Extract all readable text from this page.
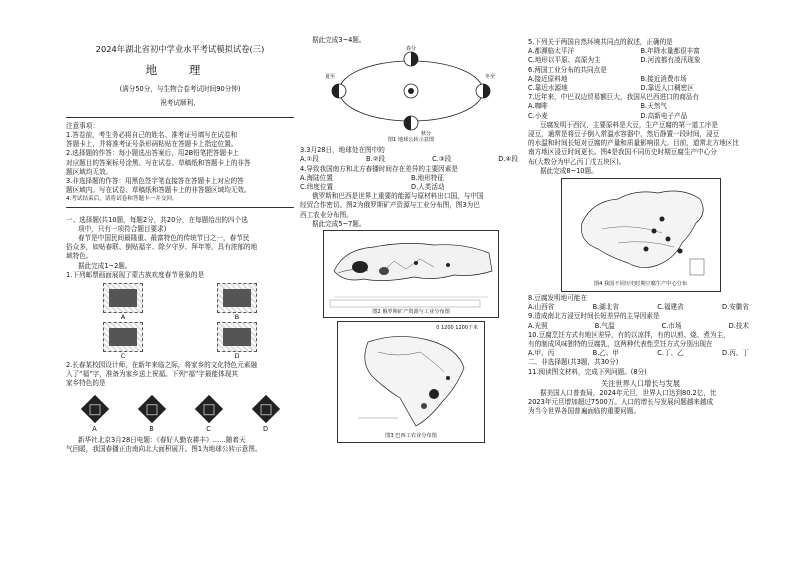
2024年湖北省初中学业水平考试模拟试卷(三)
地 理
(满分50分，与生物合卷考试时间90分钟)
祝考试顺利、

注意事项：

1.答卷前，考生务必将自己的姓名、准考证号填写在试卷和

答题卡上，并将准考证号条形码粘贴在答题卡上指定位置。

2.选择题的作答：每小题选出答案后，用2B铅笔把答题卡上

对应题目的答案标号涂黑。写在试卷、草稿纸和答题卡上的非答

题区域均无效。

3.非选择题的作答：用黑色签字笔直接答在答题卡上对应的答

题区域内。写在试卷、草稿纸和答题卡上的非答题区域均无效。

4.考试结束后，请将试卷和答题卡一并交回。

一、选择题(共10题，每题2分，共20分，在每题给出的四个选

项中，只有一项符合题目要求)

春节是中国民间最隆重、最富特色的传统节日之一，春节民

俗众多，如贴春联、倒贴福字、除夕守岁、拜年等，具有浓郁的地

域特色。

据此完成1~2题。

1.下列邮票画面展现了蒙古族欢度春节景象的是

A	B
C	D

2.长春某校园设计师，在新年来临之际，将家乡的文化特色元素融

入了“福”字，准备为家乡送上祝福。下列“福”字最能体现其

家乡特色的是

A	B	C	D

新华社北京3月28日电题：《春好人勤农耕丰》……随着天

气回暖，我国春播正由南向北大面积展开。图1为地球公转示意图。

据此完成3~4题。

春分
夏至	冬至
秋分
图1 地球公转示意图

3.3月28日，地球处在图中的

A.①段	B.②段	C.③段	D.④段

4.导致我国南方和北方春播时间存在差异的主要因素是

A.海陆位置	B.地形特征
C.纬度位置	D.人类活动

俄罗斯和巴西是世界上重要的能源与原材料出口国，与中国

经贸合作密切。图2为俄罗斯矿产资源与工业分布图，图3为巴

西工农业分布图。

据此完成5~7题。

图2 俄罗斯矿产资源与工业分布图
0 1200 1200千米
图3 巴西工农业分布图

5.下列关于两国自然环境共同点的叙述，正确的是

A.都濒临太平洋	B.年降水量都很丰富
C.地形以平原、高原为主	D.河流都有凌汛现象

6.两国工业分布的共同点是

A.接近原料地	B.接近消费市场
C.靠近水源地	D.靠近人口稠密区

7.近年来，中巴双边贸易额巨大，我国从巴西进口的商品有

A.咖啡	B.天然气
C.小麦	D.高新电子产品

豆腐发明于西汉，主要原料是大豆，生产豆腐的第一道工序是

浸豆，通常是将豆子倒入常温水容器中，然后静置一段时间，浸豆

的水温和时间长短对豆腐的产量和质量影响很大。目前，道常北方地区比

南方地区浸豆时间更长。图4是我国不同历史时期豆腐生产中心分

布(大数分为甲乙丙丁戊五块区)。

据此完成8~10题。

图4 我国不同历史时期豆腐生产中心分布

8.豆腐发明地可能在

A.山西省	B.湖北省	C.福建省	D.安徽省

9.造成南北方浸豆时间长短差异的主导因素是

A.光照	B.气温	C.市场	D.技术

10.豆腐烹饪方式有地区差异，有的以凉拌，有的以煎、烧、煮为主，

有的制成风味独特的豆腐乳，这两种代表性烹饪方式分别出现在

A.甲、丙	B.乙、甲	C.丁、乙	D.丙、丁

二、非选择题(共3题，共30分)

11.阅读图文材料，完成下列问题。(8分)

关注世界人口增长与发展

据美国人口普查局，2024年元旦，世界人口达到80.2亿，比

2023年元旦增加超过7500万。人口的增长与发展问题越来越成

为当今世界各国普遍面临的重要问题。
